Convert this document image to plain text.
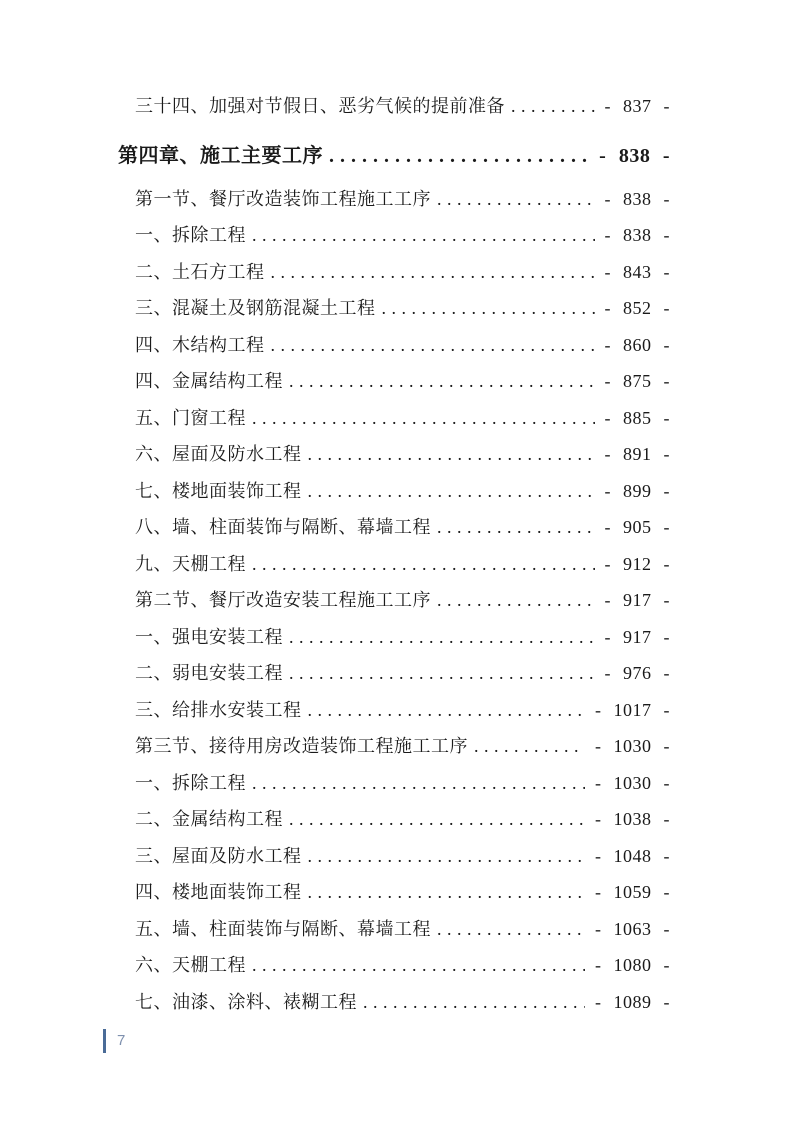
三十四、加强对节假日、恶劣气候的提前准备 .....	- 837 -
第四章、施工主要工序 .....	- 838 -
第一节、餐厅改造装饰工程施工工序 .....	- 838 -
一、拆除工程 .....	- 838 -
二、土石方工程 .....	- 843 -
三、混凝土及钢筋混凝土工程 .....	- 852 -
四、木结构工程 .....	- 860 -
四、金属结构工程 .....	- 875 -
五、门窗工程 .....	- 885 -
六、屋面及防水工程 .....	- 891 -
七、楼地面装饰工程 .....	- 899 -
八、墙、柱面装饰与隔断、幕墙工程 .....	- 905 -
九、天棚工程 .....	- 912 -
第二节、餐厅改造安装工程施工工序 .....	- 917 -
一、强电安装工程 .....	- 917 -
二、弱电安装工程 .....	- 976 -
三、给排水安装工程 .....	- 1017 -
第三节、接待用房改造装饰工程施工工序 .....	- 1030 -
一、拆除工程 .....	- 1030 -
二、金属结构工程 .....	- 1038 -
三、屋面及防水工程 .....	- 1048 -
四、楼地面装饰工程 .....	- 1059 -
五、墙、柱面装饰与隔断、幕墙工程 .....	- 1063 -
六、天棚工程 .....	- 1080 -
七、油漆、涂料、裱糊工程 .....	- 1089 -
7
